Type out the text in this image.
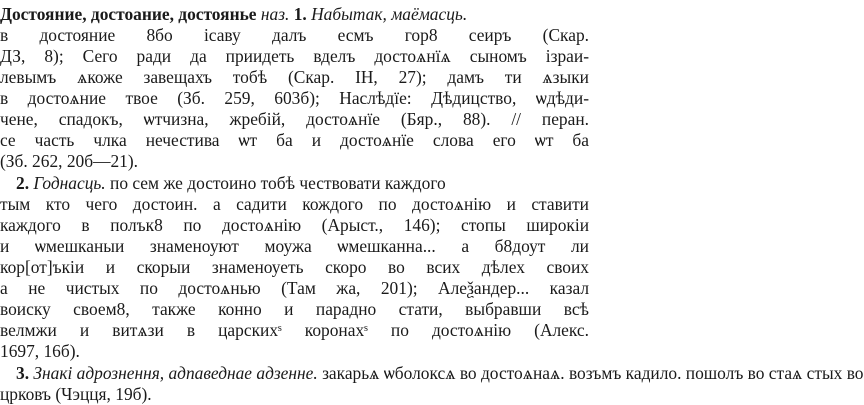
Достояние, достоание, достоянье наз. 1. Набытак, маёмасць.
в достояние 8бо ісаву далъ есмъ гор8 сеиръ (Скар.
ДЗ, 8); Сего ради да приидеть вделъ достоѧнїѧ сыномъ ізраи-
левымъ ѧкоже завещахъ тобѣ (Скар. ІН, 27); дамъ ти ѧзыки
в достоѧние твое (Зб. 259, 603б); Наслѣдїе: Дѣдицство, ѡдѣди-
чене, спадокъ, ѡтчизна, жребій, достоѧнїе (Бяр., 88). // перан.
се часть члка нечестива ѡт ба и достоѧнїе слова его ѡт ба
(Зб. 262, 20б—21).
2. Годнасць. по сем же достоино тобѣ чествовати каждого
тым кто чего достоин. а садити кождого по достоѧнію и ставити
каждого в полък8 по достоѧнію (Арыст., 146); стопы широкіи
и ѡмешканыи знаменоуют моужа ѡмешканна... а б8доут ли
кор[от]ъкіи и скорыи знаменоуеть скоро во всих дѣлех своих
а не чистых по достоѧнью (Там жа, 201); Алеѯандер... казал
воиску своем8, также конно и парадно стати, выбравши всѣ
велмжи и витѧзи в царскихˢ коронахˢ по достоѧнію (Алекс.
1697, 16б).
3. Знакі адрознення, адпаведнае адзенне. закарьѧ ѡболоксѧ во достоѧнаѧ. возъмъ кадило. пошолъ во стаѧ стых во
црковъ (Чэцця, 19б).
